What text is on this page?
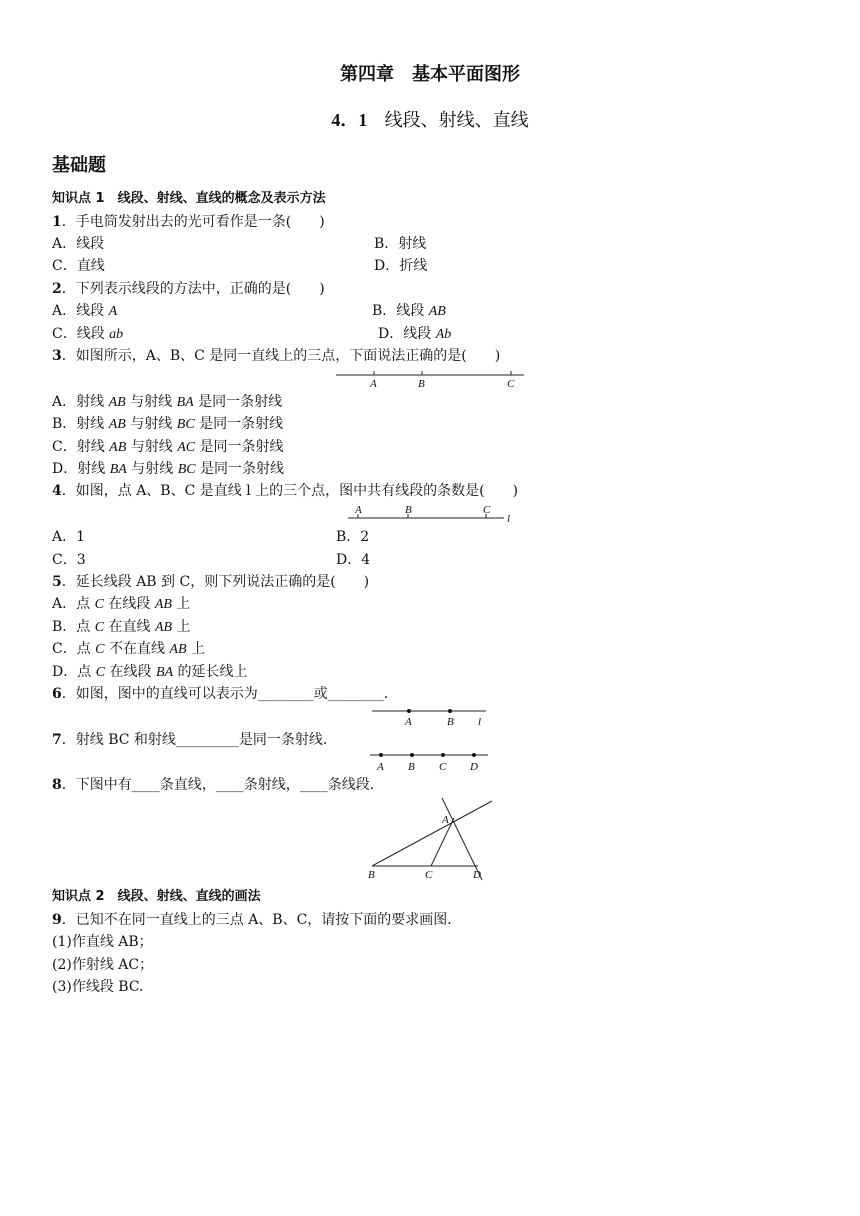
第四章　基本平面图形
4．1 线段、射线、直线
基础题
知识点 1　线段、射线、直线的概念及表示方法
1．手电筒发射出去的光可看作是一条(　　)
A．线段	B．射线
C．直线	D．折线
2．下列表示线段的方法中，正确的是(　　)
A．线段 A	B．线段 AB
C．线段 ab	D．线段 Ab
3．如图所示，A、B、C 是同一直线上的三点，下面说法正确的是(　　)
A	B	C
A．射线 AB 与射线 BA 是同一条射线
B．射线 AB 与射线 BC 是同一条射线
C．射线 AB 与射线 AC 是同一条射线
D．射线 BA 与射线 BC 是同一条射线
4．如图，点 A、B、C 是直线 l 上的三个点，图中共有线段的条数是(　　)
A	B	C
l
A．1	B．2
C．3	D．4
5．延长线段 AB 到 C，则下列说法正确的是(　　)
A．点 C 在线段 AB 上
B．点 C 在直线 AB 上
C．点 C 不在直线 AB 上
D．点 C 在线段 BA 的延长线上
6．如图，图中的直线可以表示为________或________．
A	B l
7．射线 BC 和射线_________是同一条射线．
A B C D
8．下图中有____条直线，____条射线，____条线段．
A
B	C	D
知识点 2　线段、射线、直线的画法
9．已知不在同一直线上的三点 A、B、C，请按下面的要求画图．
(1)作直线 AB；
(2)作射线 AC；
(3)作线段 BC.
